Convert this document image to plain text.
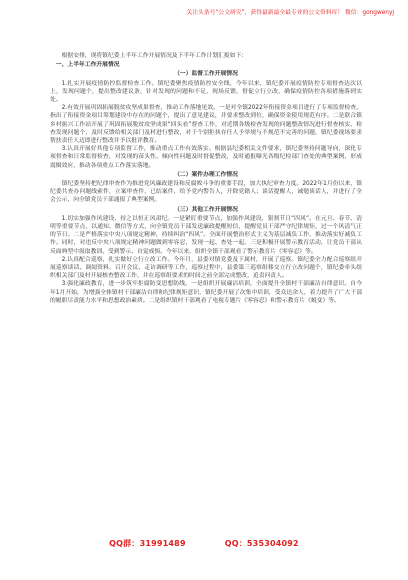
关注头条号“公文研究”，获得最新最全最专业的公文资料库！ 微信：gongwenyj

根据安排，现将镇纪委上半年工作开展情况及下半年工作计划汇报如下：

一、上半年工作开展情况

（一）监督工作开展情况

1.扎实开展疫情防控监督检查工作。镇纪委聚焦疫情防控安全线，今年以来，镇纪委开展疫情防控专项督查达次以上，发现问题个，提出整改建议条，针对发现的问题和不足，现场反馈，督促立行立改，确保疫情防控各项措施落到实处。

2.有效开展巩固拓展脱贫攻坚成果督查，推动工作落地见效。一是对全镇2022年衔接资金项目进行了专项监督检查，指出了衔接资金项目筹划建设中存在的问题个，提出了意见建议，并要求整改到位，确保资金使用规范有序。二是联合镇乡村振兴工作站开展了巩固拓展脱贫攻坚成果“回头看”督查工作，对近期各级检查发现的问题整改情况进行督查核实，检查发现问题个，及时反馈给相关部门及村进行整改，对于个别拒执存任人予举规与不规范不完善的问题，镇纪委视场要求帮扶责任人迈即进行整改并予以批评教育。

3.认真开展好其他专项监督工作，推动重点工作有效落实。根据县纪委相关文件要求，镇纪委坚持问题导向，深化专项督查和日常监督检查，对发现的苗头性、倾向性问题及时督促整改，及时通报曝光各级纪检部门查处的典型案例，形成震慑效应，推动各项重点工作落实落地。

（二）案件办理工作情况

镇纪委坚持把纪律审查作为推进党风廉政建设和反腐败斗争的重要手段，加大执纪审查力度。2022年1月份以来，镇纪委共查办问题线索件，立案审查件，已结案件，给予党内警告人，开除党籍人；谈话提醒人，诫勉谈话人，并进行了全会公示，向全镇党员干部通报了典型案例。

（三）其他工作开展情况

1.切实加强作风建设，持之以恒正风肃纪。一是紧盯重要节点，加强作风建设，狠刹节日“四风”。在元旦、春节、清明等重要节点，以通知、微信等方式，向全镇党员干部发送廉政提醒短信，提醒党员干部严守纪律规矩，过一个风清气正的节日。二是严格落实中央八项规定精神，持续纠治“四风”。全面开展整治形式主义为基层减负工作，推动落实好减负工作。同时，对违反中央八项规定精神问题做到零容忍，发现一起、查处一起。三是积极开展警示教育活动，让党员干部从反面典型中汲取教训、受到警示、自觉戒惧。今年以来，组织全镇干部观看了警示教育片《零容忍》等。

2.认真配合巡察，扎实做好立行立改工作。今年月，县委对镇党委及下属村，开展了巡察。镇纪委全力配合巡察组开展巡察谈话、调阅资料、召开会议、走访调研等工作，巡察过程中，县委第三巡察组移交立行立改问题个，镇纪委牵头组织相关部门及村开展核查整改工作，并在巡察组要求的时间之前全部完成整改，追责问责人。

3.强化廉政教育，进一步筑牢拒腐防变思想防线。一是组织开展廉洁培训，全面提升全镇村干部廉洁自律意识。自今年1月开始，为增强全体镇村干部廉洁自律和纪律规矩意识，镇纪委开展了次集中培训，受众达余人，着力提升了广大干部的履职尽责能力水平和思想政治素质。二是组织镇村干部观看了电视专题片《零容忍》和警示教育片《蜕变》等。

QQ群：31991489	QQ：535304092
